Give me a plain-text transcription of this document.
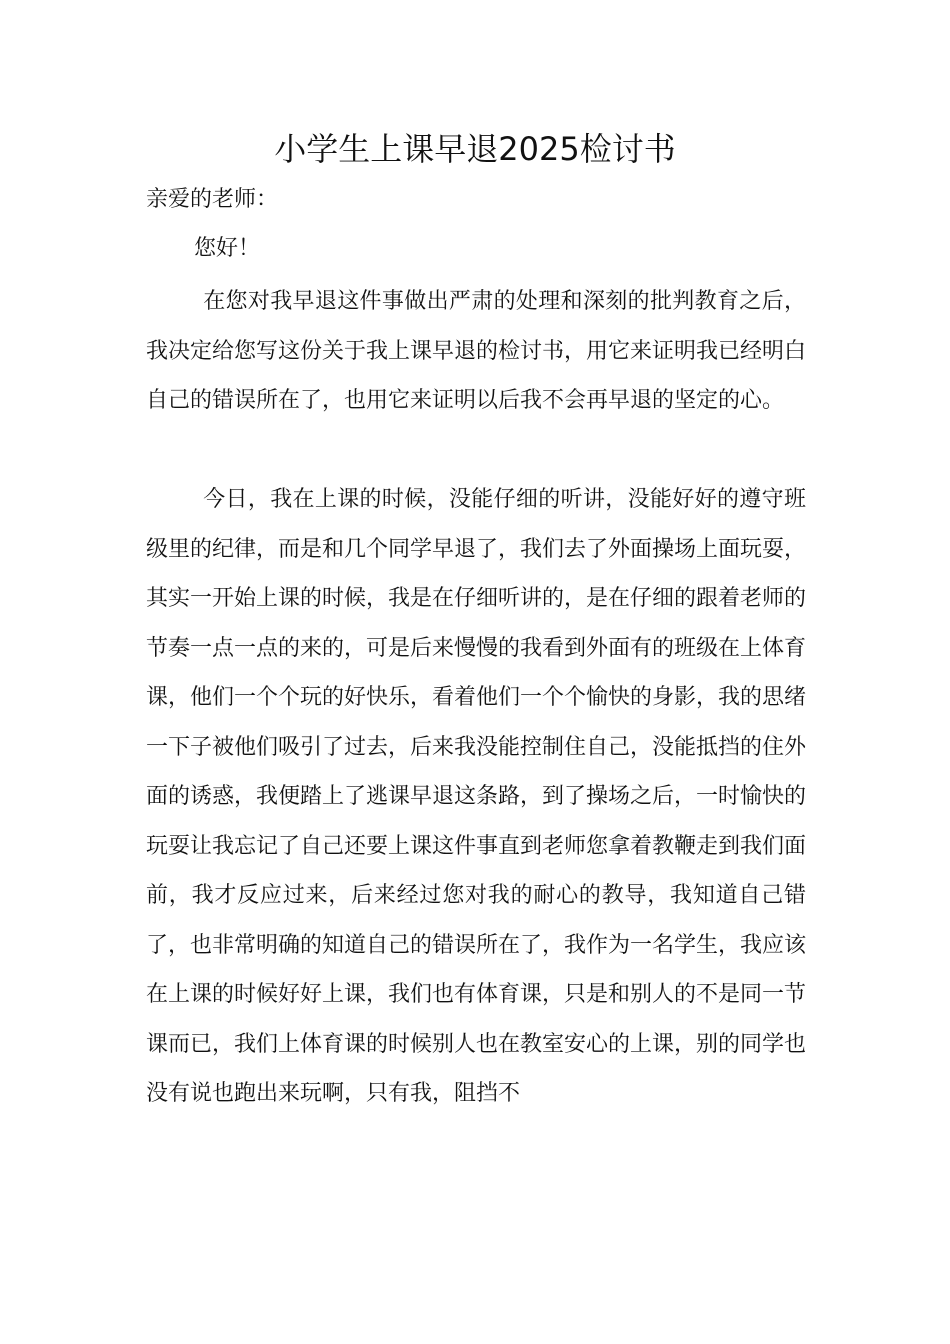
小学生上课早退2025检讨书

亲爱的老师：

您好！

在您对我早退这件事做出严肃的处理和深刻的批判教育之后，我决定给您写这份关于我上课早退的检讨书，用它来证明我已经明白自己的错误所在了，也用它来证明以后我不会再早退的坚定的心。

今日，我在上课的时候，没能仔细的听讲，没能好好的遵守班级里的纪律，而是和几个同学早退了，我们去了外面操场上面玩耍，其实一开始上课的时候，我是在仔细听讲的，是在仔细的跟着老师的节奏一点一点的来的，可是后来慢慢的我看到外面有的班级在上体育课，他们一个个玩的好快乐，看着他们一个个愉快的身影，我的思绪一下子被他们吸引了过去，后来我没能控制住自己，没能抵挡的住外面的诱惑，我便踏上了逃课早退这条路，到了操场之后，一时愉快的玩耍让我忘记了自己还要上课这件事直到老师您拿着教鞭走到我们面前，我才反应过来，后来经过您对我的耐心的教导，我知道自己错了，也非常明确的知道自己的错误所在了，我作为一名学生，我应该在上课的时候好好上课，我们也有体育课，只是和别人的不是同一节课而已，我们上体育课的时候别人也在教室安心的上课，别的同学也没有说也跑出来玩啊，只有我，阻挡不
